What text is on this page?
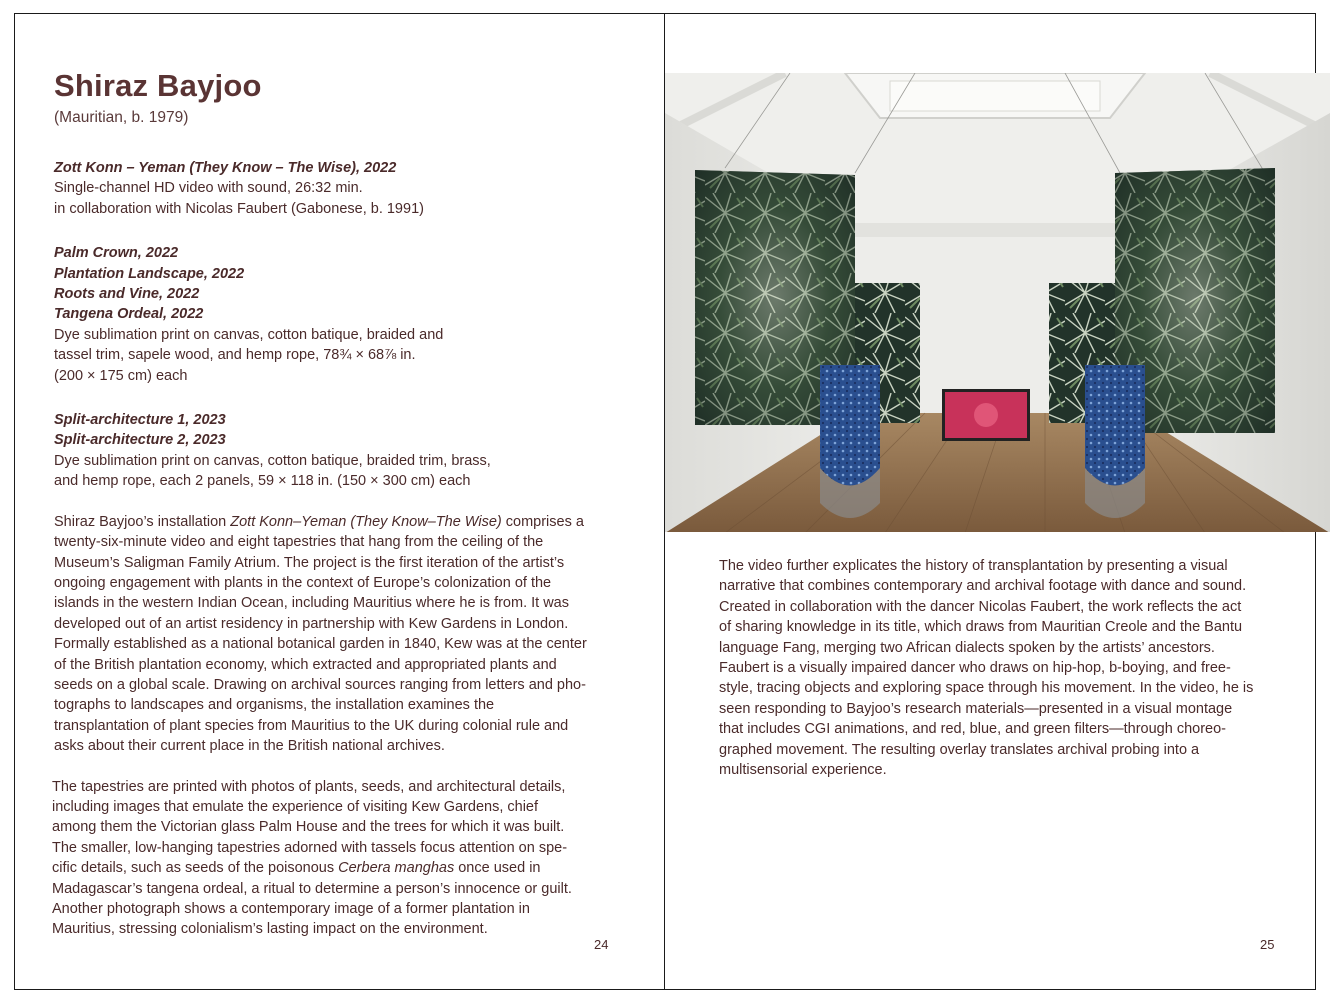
Shiraz Bayjoo
(Mauritian, b. 1979)
Zott Konn – Yeman (They Know – The Wise), 2022
Single-channel HD video with sound, 26:32 min.
in collaboration with Nicolas Faubert (Gabonese, b. 1991)
Palm Crown, 2022
Plantation Landscape, 2022
Roots and Vine, 2022
Tangena Ordeal, 2022
Dye sublimation print on canvas, cotton batique, braided and
tassel trim, sapele wood, and hemp rope, 78¾ × 68⅞ in.
(200 × 175 cm) each
Split-architecture 1, 2023
Split-architecture 2, 2023
Dye sublimation print on canvas, cotton batique, braided trim, brass,
and hemp rope, each 2 panels, 59 × 118 in. (150 × 300 cm) each

Shiraz Bayjoo’s installation Zott Konn–Yeman (They Know–The Wise) comprises a

twenty-six-minute video and eight tapestries that hang from the ceiling of the

Museum’s Saligman Family Atrium. The project is the first iteration of the artist’s

ongoing engagement with plants in the context of Europe’s colonization of the

islands in the western Indian Ocean, including Mauritius where he is from. It was

developed out of an artist residency in partnership with Kew Gardens in London.

Formally established as a national botanical garden in 1840, Kew was at the center

of the British plantation economy, which extracted and appropriated plants and

seeds on a global scale. Drawing on archival sources ranging from letters and pho-

tographs to landscapes and organisms, the installation examines the

transplantation of plant species from Mauritius to the UK during colonial rule and

asks about their current place in the British national archives.

The tapestries are printed with photos of plants, seeds, and architectural details,

including images that emulate the experience of visiting Kew Gardens, chief

among them the Victorian glass Palm House and the trees for which it was built.

The smaller, low-hanging tapestries adorned with tassels focus attention on spe-

cific details, such as seeds of the poisonous Cerbera manghas once used in

Madagascar’s tangena ordeal, a ritual to determine a person’s innocence or guilt.

Another photograph shows a contemporary image of a former plantation in

Mauritius, stressing colonialism’s lasting impact on the environment.

24

The video further explicates the history of transplantation by presenting a visual

narrative that combines contemporary and archival footage with dance and sound.

Created in collaboration with the dancer Nicolas Faubert, the work reflects the act

of sharing knowledge in its title, which draws from Mauritian Creole and the Bantu

language Fang, merging two African dialects spoken by the artists’ ancestors.

Faubert is a visually impaired dancer who draws on hip-hop, b-boying, and free-

style, tracing objects and exploring space through his movement. In the video, he is

seen responding to Bayjoo’s research materials—presented in a visual montage

that includes CGI animations, and red, blue, and green filters—through choreo-

graphed movement. The resulting overlay translates archival probing into a

multisensorial experience.

25
